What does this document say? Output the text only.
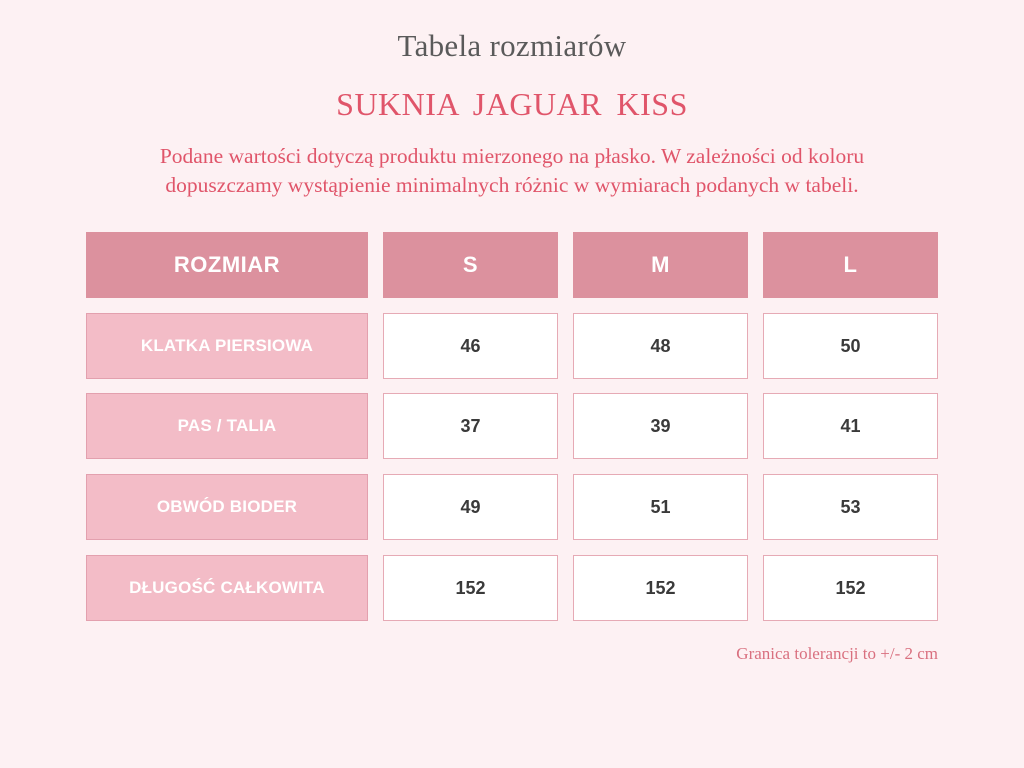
Tabela rozmiarów
SUKNIA JAGUAR KISS
Podane wartości dotyczą produktu mierzonego na płasko. W zależności od koloru
dopuszczamy wystąpienie minimalnych różnic w wymiarach podanych w tabeli.
ROZMIAR	S	M	L
KLATKA PIERSIOWA	46	48	50
PAS / TALIA	37	39	41
OBWÓD BIODER	49	51	53
DŁUGOŚĆ CAŁKOWITA	152	152	152
Granica tolerancji to +/- 2 cm
